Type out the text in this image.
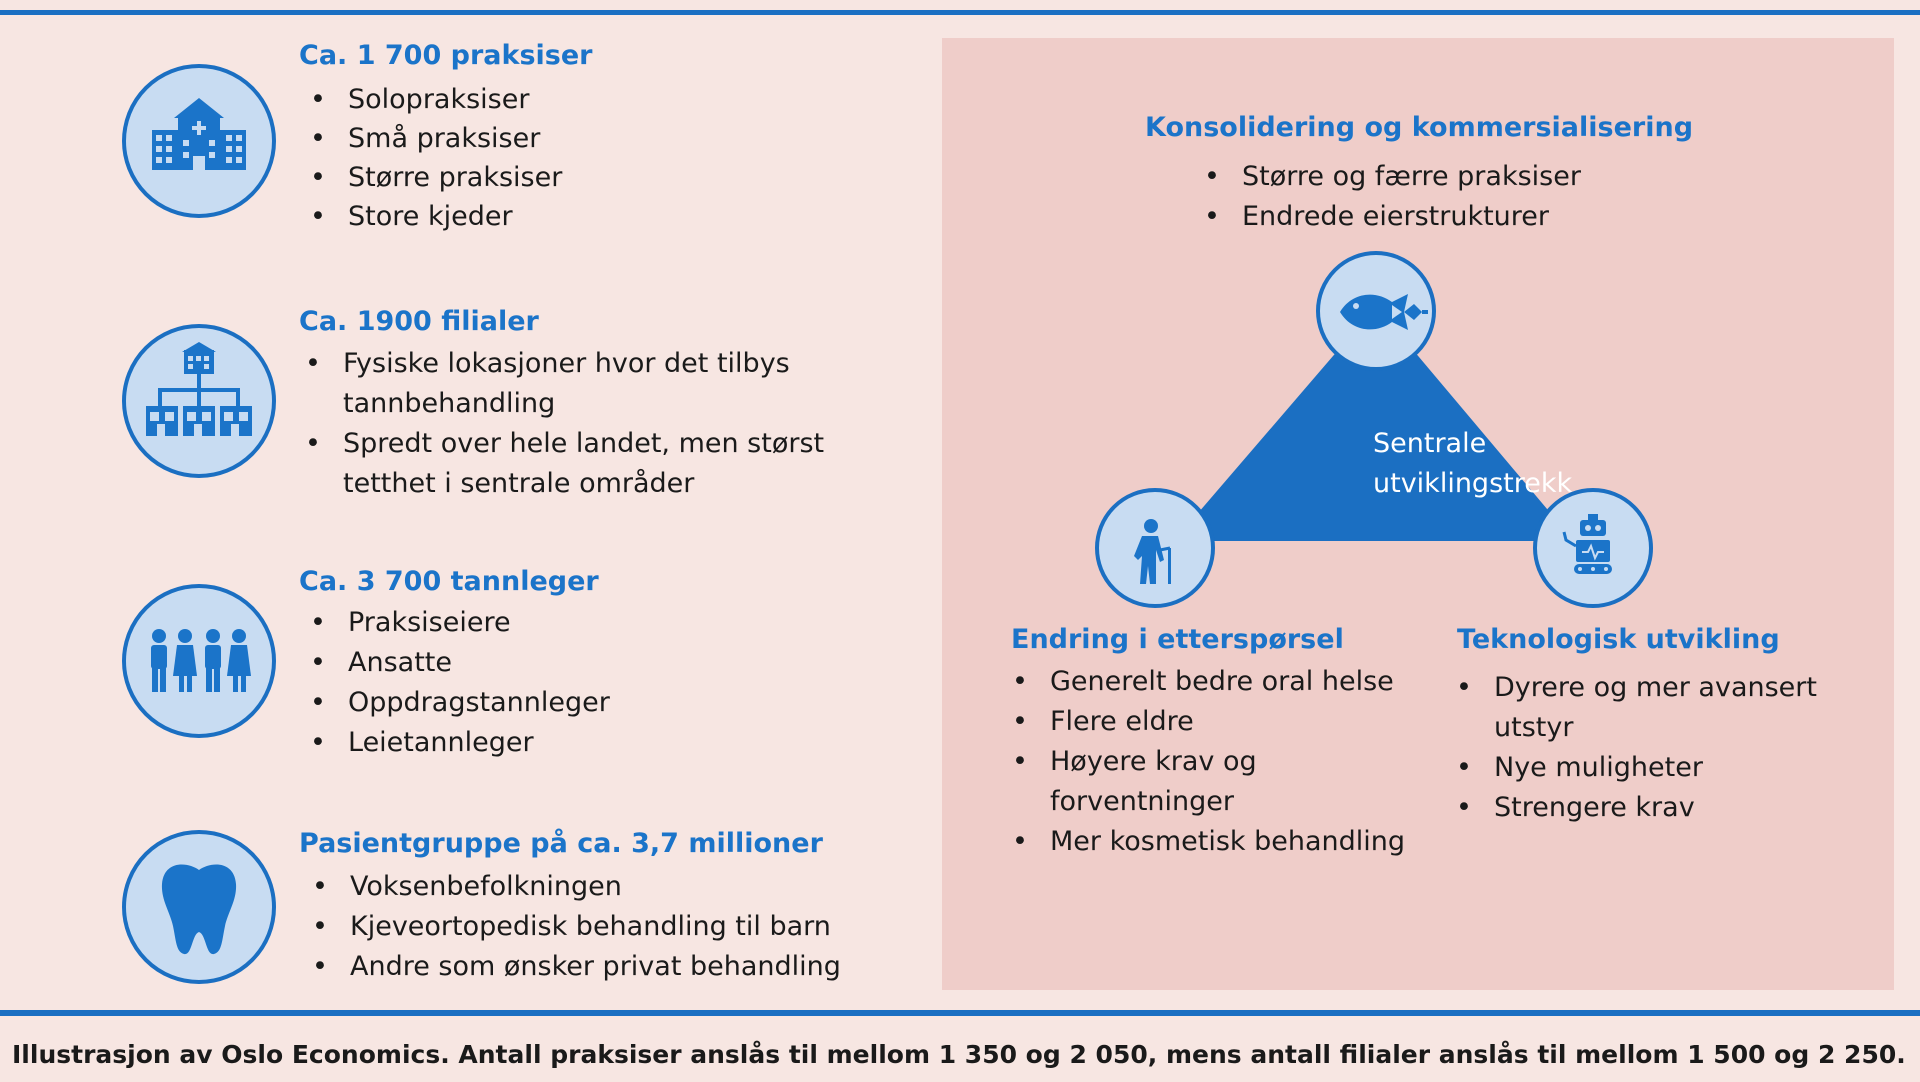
Ca. 1 700 praksiser
• Solopraksiser
• Små praksiser
• Større praksiser
• Store kjeder
Ca. 1900 filialer
• Fysiske lokasjoner hvor det tilbys
tannbehandling
• Spredt over hele landet, men størst
tetthet i sentrale områder
Ca. 3 700 tannleger
• Praksiseiere
• Ansatte
• Oppdragstannleger
• Leietannleger
Pasientgruppe på ca. 3,7 millioner
• Voksenbefolkningen
• Kjeveortopedisk behandling til barn
• Andre som ønsker privat behandling
Konsolidering og kommersialisering
• Større og færre praksiser
• Endrede eierstrukturer
Endring i etterspørsel
• Generelt bedre oral helse
• Flere eldre
• Høyere krav og
forventninger
• Mer kosmetisk behandling
Teknologisk utvikling
• Dyrere og mer avansert
utstyr
• Nye muligheter
• Strengere krav
Illustrasjon av Oslo Economics. Antall praksiser anslås til mellom 1 350 og 2 050, mens antall filialer anslås til mellom 1 500 og 2 250.
